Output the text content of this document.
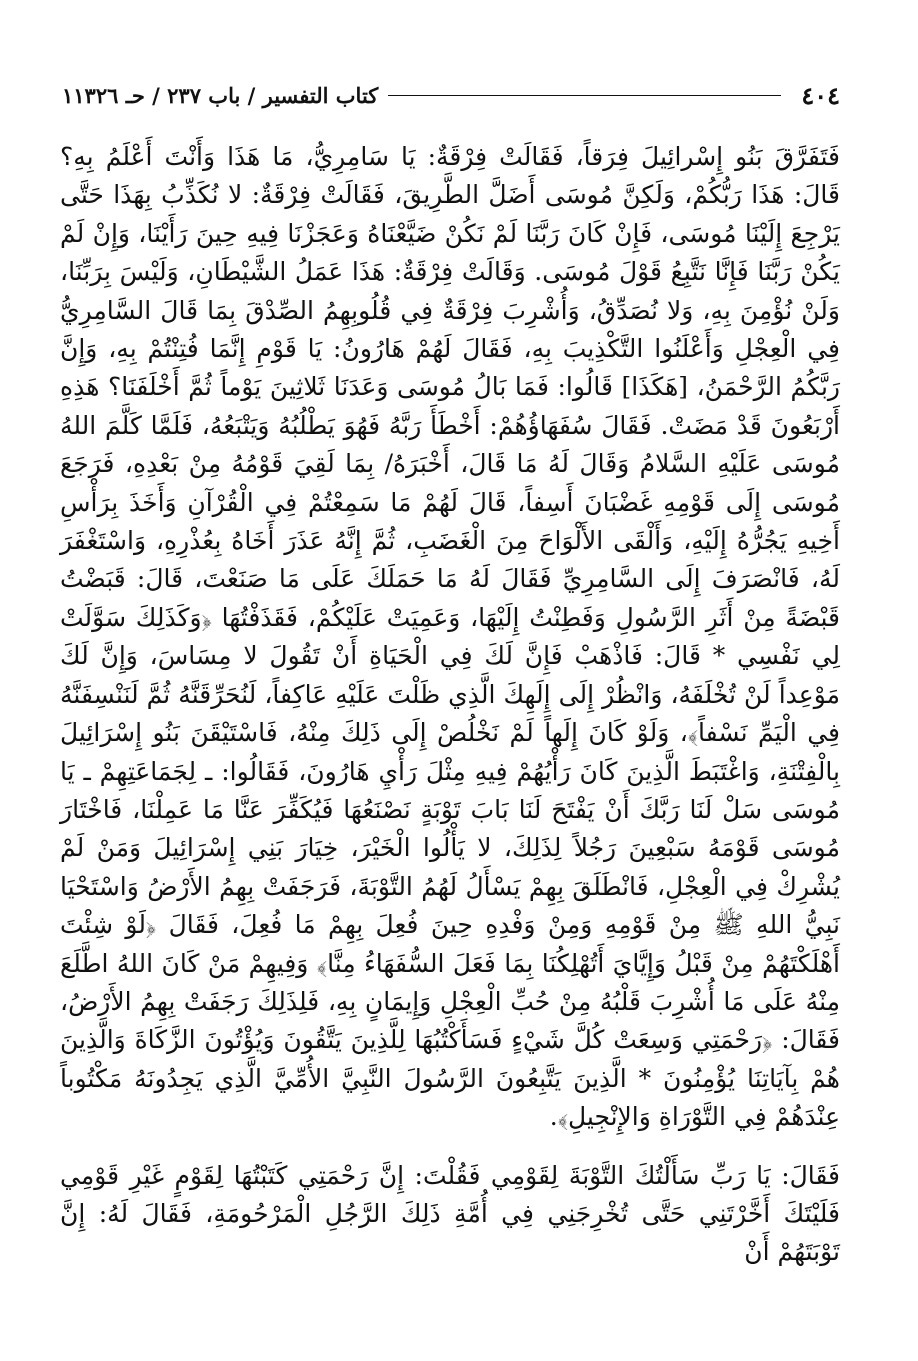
٤٠٤
كتاب التفسير / باب ٢٣٧ / حـ ١١٣٢٦

فَتَفَرَّقَ بَنُو إِسْرائِيلَ فِرَقاً، فَقَالَتْ فِرْقَةٌ: يَا سَامِرِيُّ، مَا هَذَا وَأَنْتَ أَعْلَمُ بِهِ؟ قَالَ: هَذَا رَبُّكُمْ، وَلَكِنَّ مُوسَى أَضَلَّ الطَّرِيقَ، فَقَالَتْ فِرْقَةٌ: لا نُكَذِّبُ بِهَذَا حَتَّى يَرْجِعَ إِلَيْنَا مُوسَى، فَإِنْ كَانَ رَبَّنَا لَمْ نَكُنْ ضَيَّعْنَاهُ وَعَجَزْنَا فِيهِ حِينَ رَأَيْنَا، وَإِنْ لَمْ يَكُنْ رَبَّنَا فَإِنَّا نَتَّبِعُ قَوْلَ مُوسَى. وَقَالَتْ فِرْقَةٌ: هَذَا عَمَلُ الشَّيْطَانِ، وَلَيْسَ بِرَبِّنَا، وَلَنْ نُؤْمِنَ بِهِ، وَلا نُصَدِّقُ، وَأُشْرِبَ فِرْقَةٌ فِي قُلُوبِهِمُ الصِّدْقَ بِمَا قَالَ السَّامِرِيُّ فِي الْعِجْلِ وَأَعْلَنُوا التَّكْذِيبَ بِهِ، فَقَالَ لَهُمْ هَارُونُ: يَا قَوْمِ إِنَّمَا فُتِنْتُمْ بِهِ، وَإِنَّ رَبَّكُمُ الرَّحْمَنُ، [هَكَذَا] قَالُوا: فَمَا بَالُ مُوسَى وَعَدَنَا ثَلاثِينَ يَوْماً ثُمَّ أَخْلَفَنَا؟ هَذِهِ أَرْبَعُونَ قَدْ مَضَتْ. فَقَالَ سُفَهَاؤُهُمْ: أَخْطَأَ رَبَّهُ فَهُوَ يَطْلُبُهُ وَيَتْبَعُهُ، فَلَمَّا كَلَّمَ اللهُ مُوسَى عَلَيْهِ السَّلامُ وَقَالَ لَهُ مَا قَالَ، أَخْبَرَهُ/ بِمَا لَقِيَ قَوْمُهُ مِنْ بَعْدِهِ، فَرَجَعَ مُوسَى إِلَى قَوْمِهِ غَضْبَانَ أَسِفاً، قَالَ لَهُمْ مَا سَمِعْتُمْ فِي الْقُرْآنِ وَأَخَذَ بِرَأْسِ أَخِيهِ يَجُرُّهُ إِلَيْهِ، وَأَلْقَى الأَلْوَاحَ مِنَ الْغَضَبِ، ثُمَّ إِنَّهُ عَذَرَ أَخَاهُ بِعُذْرِهِ، وَاسْتَغْفَرَ لَهُ، فَانْصَرَفَ إِلَى السَّامِرِيِّ فَقَالَ لَهُ مَا حَمَلَكَ عَلَى مَا صَنَعْتَ، قَالَ: قَبَضْتُ قَبْضَةً مِنْ أَثَرِ الرَّسُولِ وَفَطِنْتُ إِلَيْهَا، وَعَمِيَتْ عَلَيْكُمْ، فَقَذَفْتُهَا ﴿وَكَذَلِكَ سَوَّلَتْ لِي نَفْسِي * قَالَ: فَاذْهَبْ فَإِنَّ لَكَ فِي الْحَيَاةِ أَنْ تَقُولَ لا مِسَاسَ، وَإِنَّ لَكَ مَوْعِداً لَنْ تُخْلَفَهُ، وَانْظُرْ إِلَى إِلَهِكَ الَّذِي ظَلْتَ عَلَيْهِ عَاكِفاً، لَنُحَرِّقَنَّهُ ثُمَّ لَنَنْسِفَنَّهُ فِي الْيَمِّ نَسْفاً﴾، وَلَوْ كَانَ إِلَهاً لَمْ نَخْلُصْ إِلَى ذَلِكَ مِنْهُ، فَاسْتَيْقَنَ بَنُو إِسْرَائِيلَ بِالْفِتْنَةِ، وَاغْتَبَطَ الَّذِينَ كَانَ رَأْيُهُمْ فِيهِ مِثْلَ رَأْيِ هَارُونَ، فَقَالُوا: ـ لِجَمَاعَتِهِمْ ـ يَا مُوسَى سَلْ لَنَا رَبَّكَ أَنْ يَفْتَحَ لَنَا بَابَ تَوْبَةٍ نَصْنَعُهَا فَيُكَفِّرَ عَنَّا مَا عَمِلْنَا، فَاخْتَارَ مُوسَى قَوْمَهُ سَبْعِينَ رَجُلاً لِذَلِكَ، لا يَأْلُوا الْخَيْرَ، خِيَارَ بَنِي إِسْرَائِيلَ وَمَنْ لَمْ يُشْرِكْ فِي الْعِجْلِ، فَانْطَلَقَ بِهِمْ يَسْأَلُ لَهُمُ التَّوْبَةَ، فَرَجَفَتْ بِهِمُ الأَرْضُ وَاسْتَحْيَا نَبِيُّ اللهِ ﷺ مِنْ قَوْمِهِ وَمِنْ وَفْدِهِ حِينَ فُعِلَ بِهِمْ مَا فُعِلَ، فَقَالَ ﴿لَوْ شِئْتَ أَهْلَكْتَهُمْ مِنْ قَبْلُ وَإِيَّايَ أَتُهْلِكُنَا بِمَا فَعَلَ السُّفَهَاءُ مِنَّا﴾ وَفِيهِمْ مَنْ كَانَ اللهُ اطَّلَعَ مِنْهُ عَلَى مَا أُشْرِبَ قَلْبُهُ مِنْ حُبِّ الْعِجْلِ وَإِيمَانٍ بِهِ، فَلِذَلِكَ رَجَفَتْ بِهِمُ الأَرْضُ، فَقَالَ: ﴿رَحْمَتِي وَسِعَتْ كُلَّ شَيْءٍ فَسَأَكْتُبُهَا لِلَّذِينَ يَتَّقُونَ وَيُؤْتُونَ الزَّكَاةَ وَالَّذِينَ هُمْ بِآيَاتِنَا يُؤْمِنُونَ * الَّذِينَ يَتَّبِعُونَ الرَّسُولَ النَّبِيَّ الأُمِّيَّ الَّذِي يَجِدُونَهُ مَكْتُوباً عِنْدَهُمْ فِي التَّوْرَاةِ وَالإِنْجِيلِ﴾.

فَقَالَ: يَا رَبِّ سَأَلْتُكَ التَّوْبَةَ لِقَوْمِي فَقُلْتَ: إِنَّ رَحْمَتِي كَتَبْتُهَا لِقَوْمٍ غَيْرِ قَوْمِي فَلَيْتَكَ أَخَّرْتَنِي حَتَّى تُخْرِجَنِي فِي أُمَّةِ ذَلِكَ الرَّجُلِ الْمَرْحُومَةِ، فَقَالَ لَهُ: إِنَّ تَوْبَتَهُمْ أَنْ
